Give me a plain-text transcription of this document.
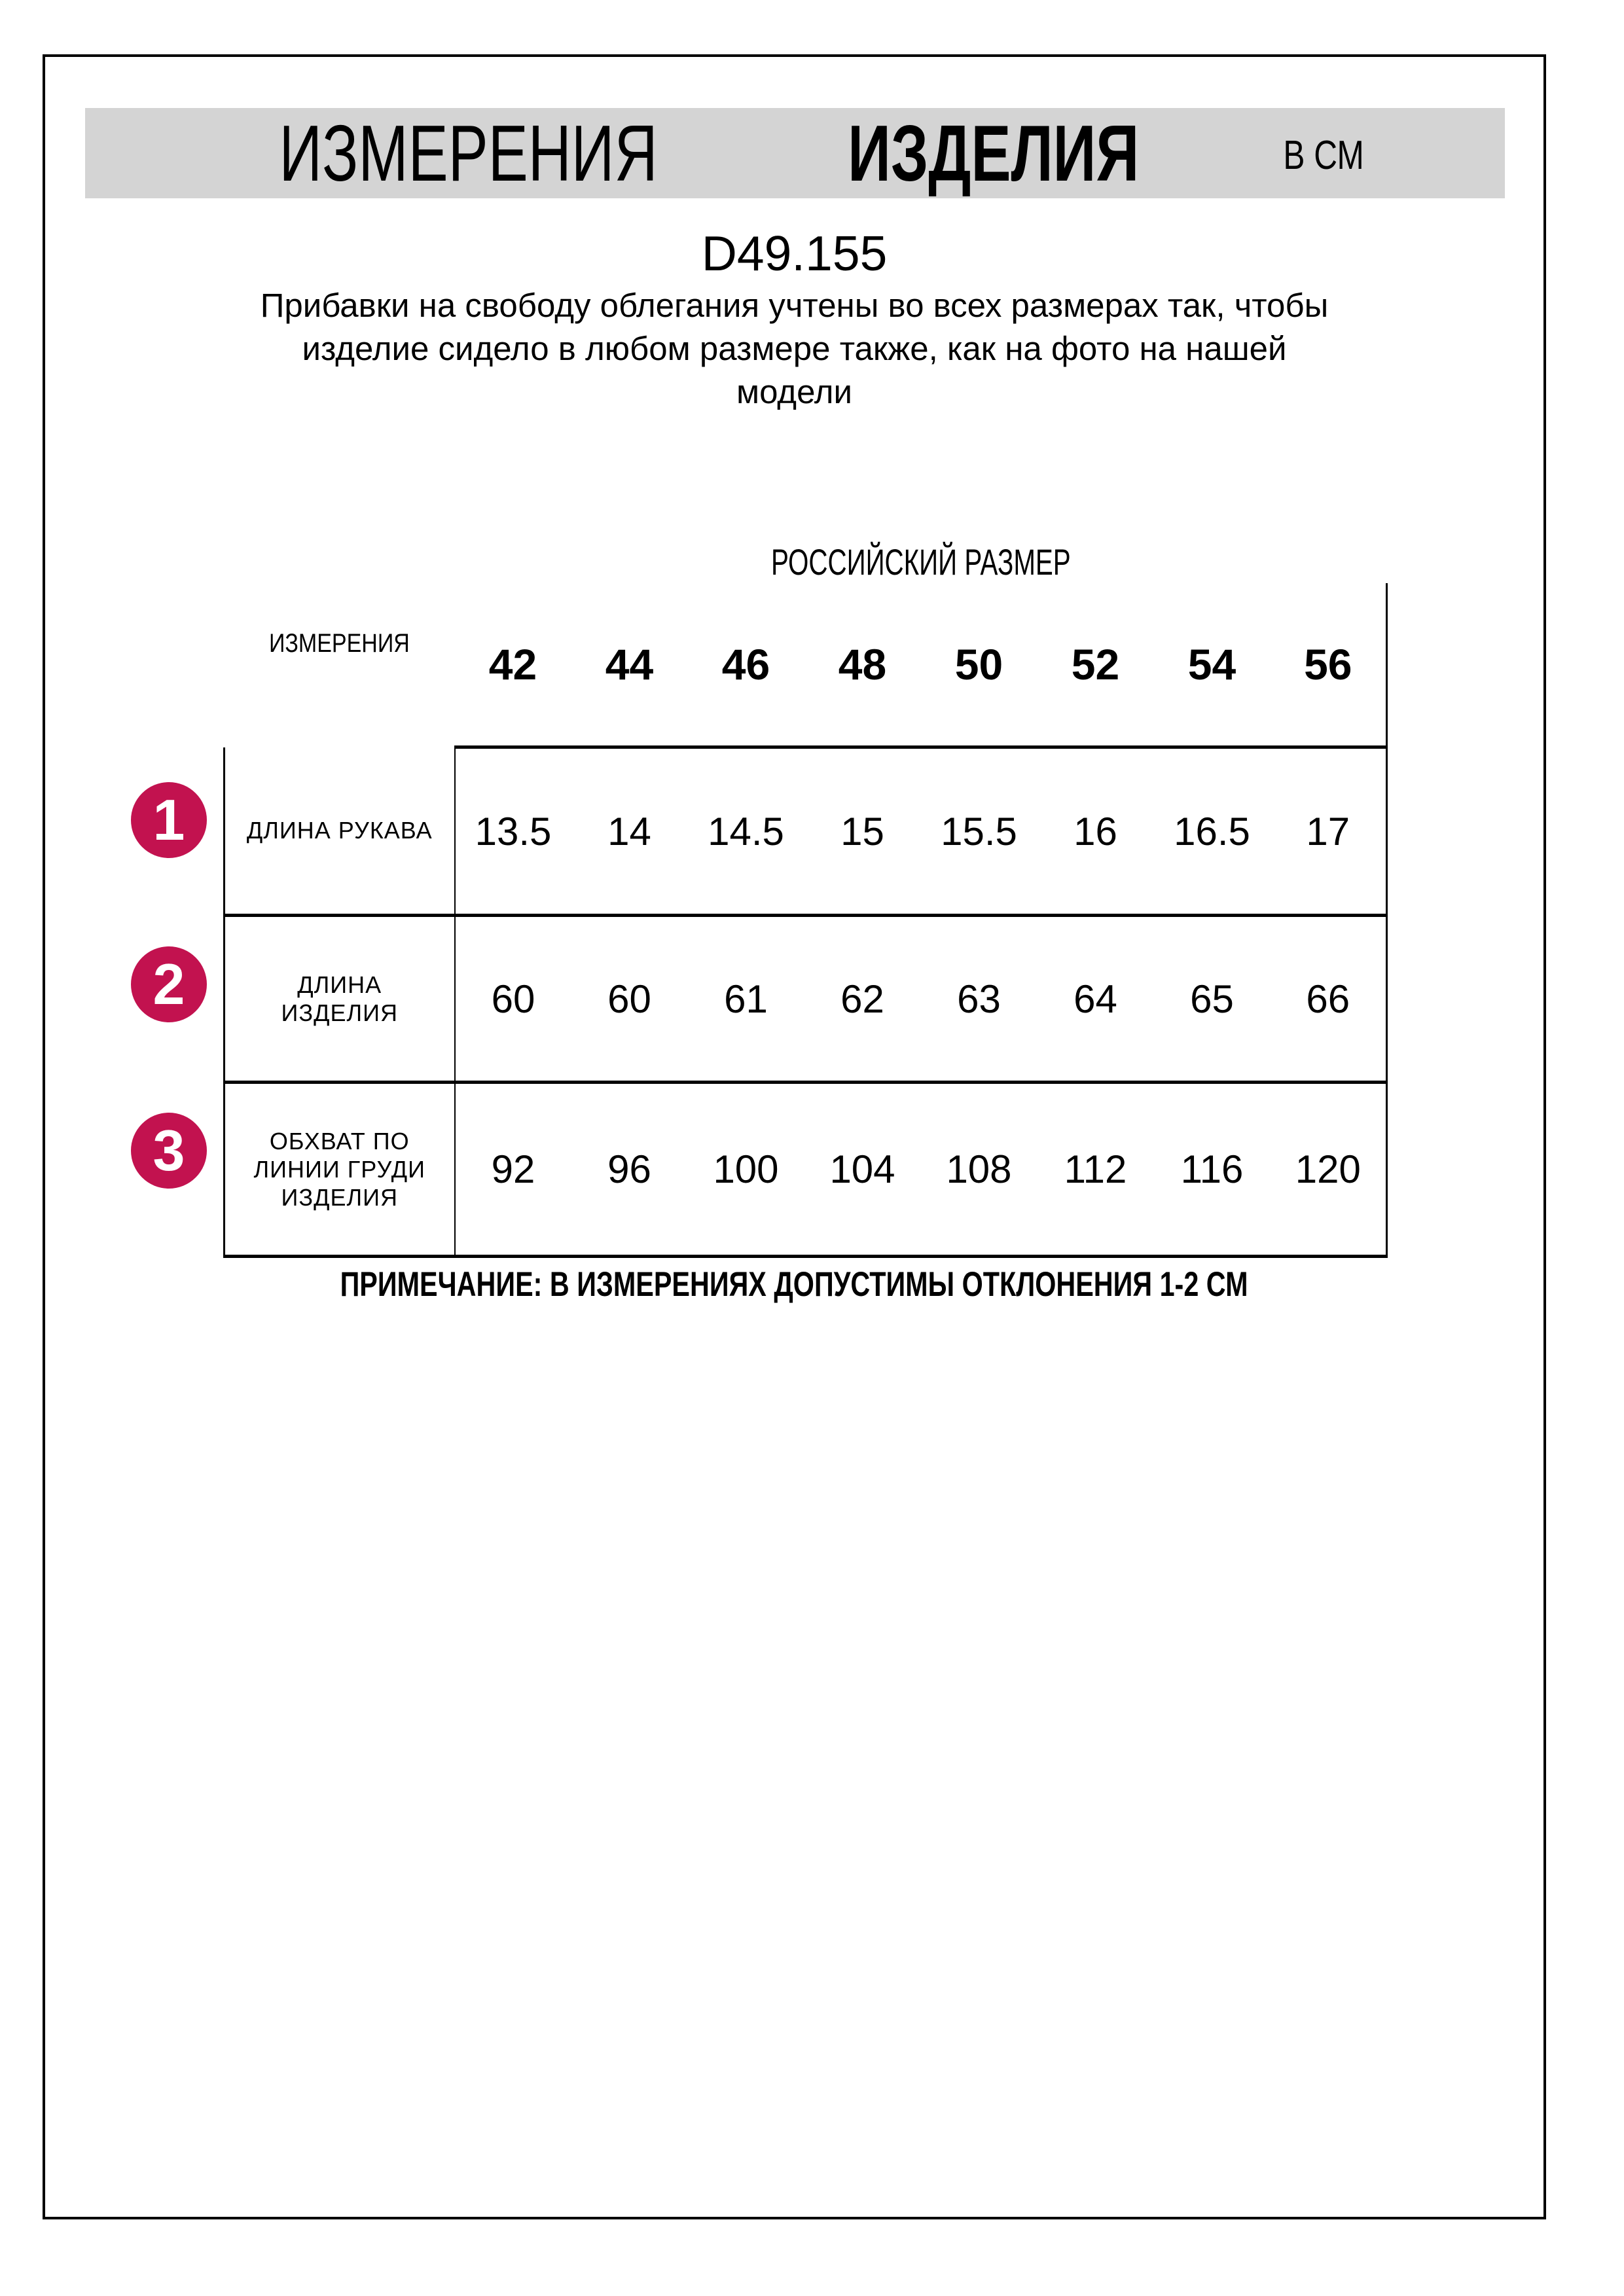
ИЗМЕРЕНИЯ ИЗДЕЛИЯ	В СМ
D49.155
Прибавки на свободу облегания учтены во всех размерах так, чтобы
изделие сидело в любом размере также, как на фото на нашей
модели
ИЗМЕРЕНИЯ	РОССИЙСКИЙ РАЗМЕР							
	42	44	46	48	50	52	54	56

ДЛИНА РУКАВА	13.5	14	14.5	15	15.5	16	16.5	17

ДЛИНА
ИЗДЕЛИЯ	60	60	61	62	63	64	65	66

ОБХВАТ ПО
ЛИНИИ ГРУДИ
ИЗДЕЛИЯ	92	96	100	104	108	112	116	120
1
2
3
ПРИМЕЧАНИЕ: В ИЗМЕРЕНИЯХ ДОПУСТИМЫ ОТКЛОНЕНИЯ 1-2 СМ
